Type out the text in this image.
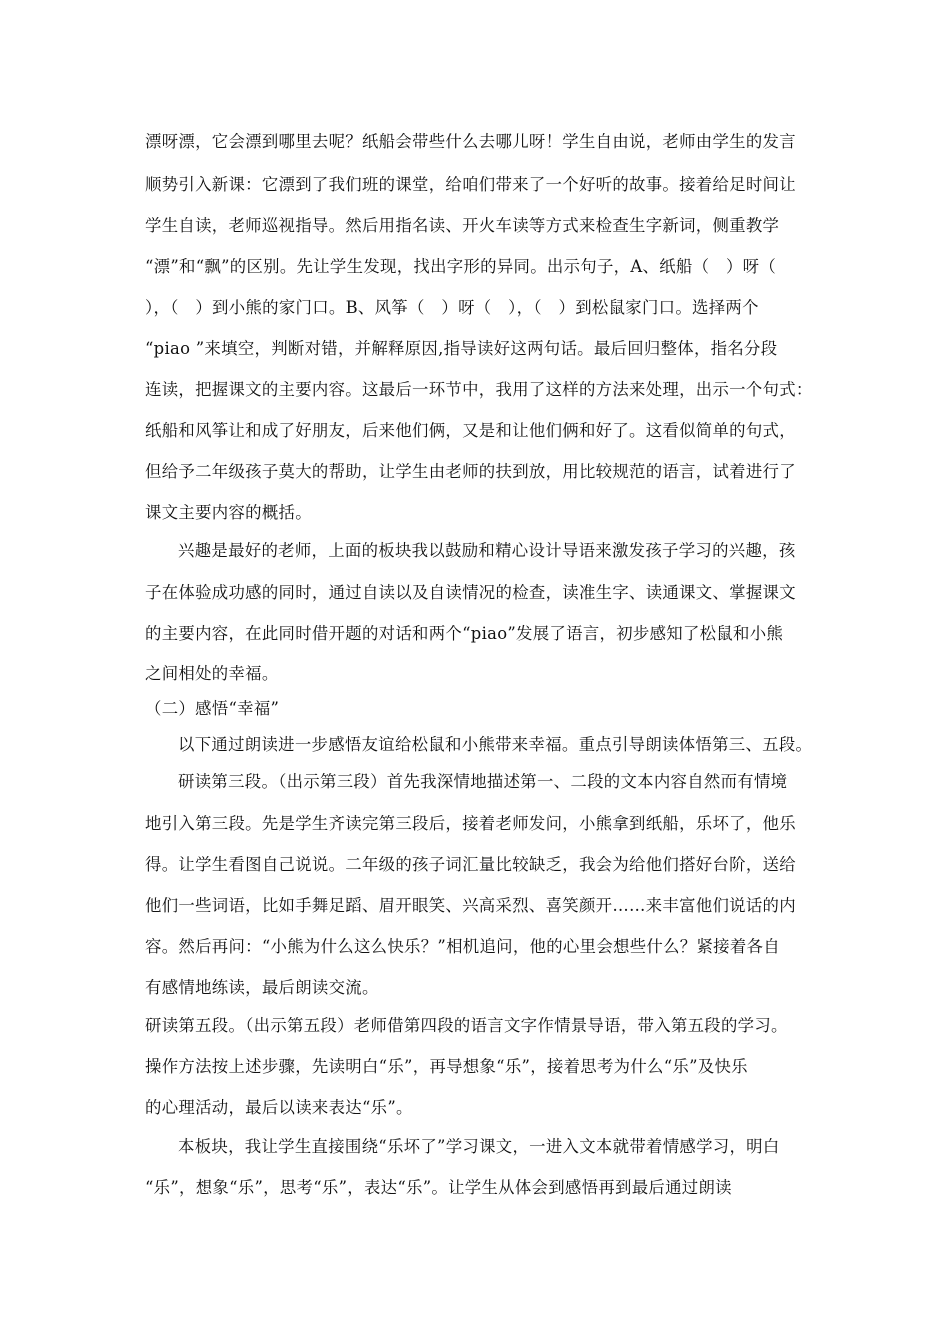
漂呀漂，它会漂到哪里去呢？纸船会带些什么去哪儿呀！学生自由说，老师由学生的发言
顺势引入新课：它漂到了我们班的课堂，给咱们带来了一个好听的故事。接着给足时间让
学生自读，老师巡视指导。然后用指名读、开火车读等方式来检查生字新词，侧重教学
“漂”和“飘”的区别。先让学生发现，找出字形的异同。出示句子，A、纸船（　）呀（
），（　）到小熊的家门口。B、风筝（　）呀（　），（　）到松鼠家门口。选择两个
“piao ”来填空，判断对错，并解释原因,指导读好这两句话。最后回归整体，指名分段
连读，把握课文的主要内容。这最后一环节中，我用了这样的方法来处理，出示一个句式：
纸船和风筝让和成了好朋友，后来他们俩，又是和让他们俩和好了。这看似简单的句式，
但给予二年级孩子莫大的帮助，让学生由老师的扶到放，用比较规范的语言，试着进行了
课文主要内容的概括。
兴趣是最好的老师，上面的板块我以鼓励和精心设计导语来激发孩子学习的兴趣，孩
子在体验成功感的同时，通过自读以及自读情况的检查，读准生字、读通课文、掌握课文
的主要内容，在此同时借开题的对话和两个“piao”发展了语言，初步感知了松鼠和小熊
之间相处的幸福。
（二）感悟“幸福”
以下通过朗读进一步感悟友谊给松鼠和小熊带来幸福。重点引导朗读体悟第三、五段。
研读第三段。（出示第三段）首先我深情地描述第一、二段的文本内容自然而有情境
地引入第三段。先是学生齐读完第三段后，接着老师发问，小熊拿到纸船，乐坏了，他乐
得。让学生看图自己说说。二年级的孩子词汇量比较缺乏，我会为给他们搭好台阶，送给
他们一些词语，比如手舞足蹈、眉开眼笑、兴高采烈、喜笑颜开……来丰富他们说话的内
容。然后再问：“小熊为什么这么快乐？”相机追问，他的心里会想些什么？紧接着各自
有感情地练读，最后朗读交流。
研读第五段。（出示第五段）老师借第四段的语言文字作情景导语，带入第五段的学习。
操作方法按上述步骤，先读明白“乐”，再导想象“乐”，接着思考为什么“乐”及快乐
的心理活动，最后以读来表达“乐”。
本板块，我让学生直接围绕“乐坏了”学习课文，一进入文本就带着情感学习，明白
“乐”，想象“乐”，思考“乐”，表达“乐”。让学生从体会到感悟再到最后通过朗读
